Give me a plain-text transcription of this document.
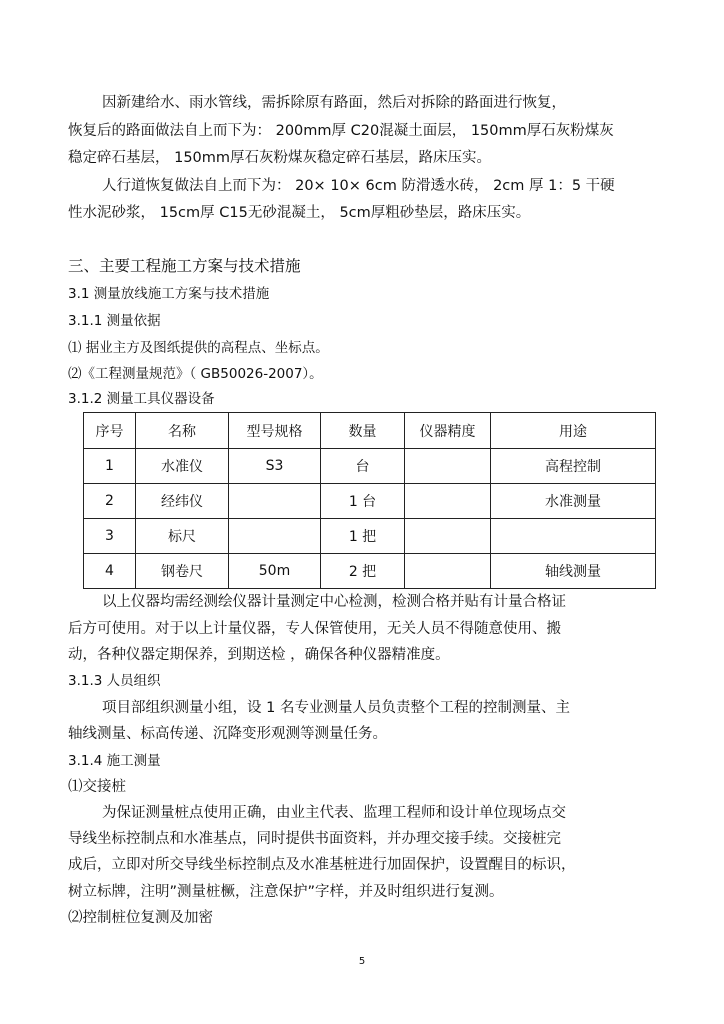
因新建给水、雨水管线，需拆除原有路面，然后对拆除的路面进行恢复，
恢复后的路面做法自上而下为： 200mm厚 C20混凝土面层， 150mm厚石灰粉煤灰
稳定碎石基层， 150mm厚石灰粉煤灰稳定碎石基层，路床压实。
人行道恢复做法自上而下为： 20× 10× 6cm 防滑透水砖， 2cm 厚 1：5 干硬
性水泥砂浆， 15cm厚 C15无砂混凝土， 5cm厚粗砂垫层，路床压实。
三、主要工程施工方案与技术措施
3.1 测量放线施工方案与技术措施
3.1.1 测量依据
⑴ 据业主方及图纸提供的高程点、坐标点。
⑵《工程测量规范》（ GB50026-2007）。
3.1.2 测量工具仪器设备
序号	名称	型号规格	数量	仪器精度	用途
1	水准仪	S3	台		高程控制
2	经纬仪		1 台		水准测量
3	标尺		1 把		
4	钢卷尺	50m	2 把		轴线测量
以上仪器均需经测绘仪器计量测定中心检测，检测合格并贴有计量合格证
后方可使用。对于以上计量仪器，专人保管使用，无关人员不得随意使用、搬
动，各种仪器定期保养，到期送检 ，确保各种仪器精准度。
3.1.3 人员组织
项目部组织测量小组，设 1 名专业测量人员负责整个工程的控制测量、主
轴线测量、标高传递、沉降变形观测等测量任务。
3.1.4 施工测量
⑴交接桩
为保证测量桩点使用正确，由业主代表、监理工程师和设计单位现场点交
导线坐标控制点和水准基点，同时提供书面资料，并办理交接手续。交接桩完
成后，立即对所交导线坐标控制点及水准基桩进行加固保护，设置醒目的标识，
树立标牌，注明”测量桩橛，注意保护”字样，并及时组织进行复测。
⑵控制桩位复测及加密
5
